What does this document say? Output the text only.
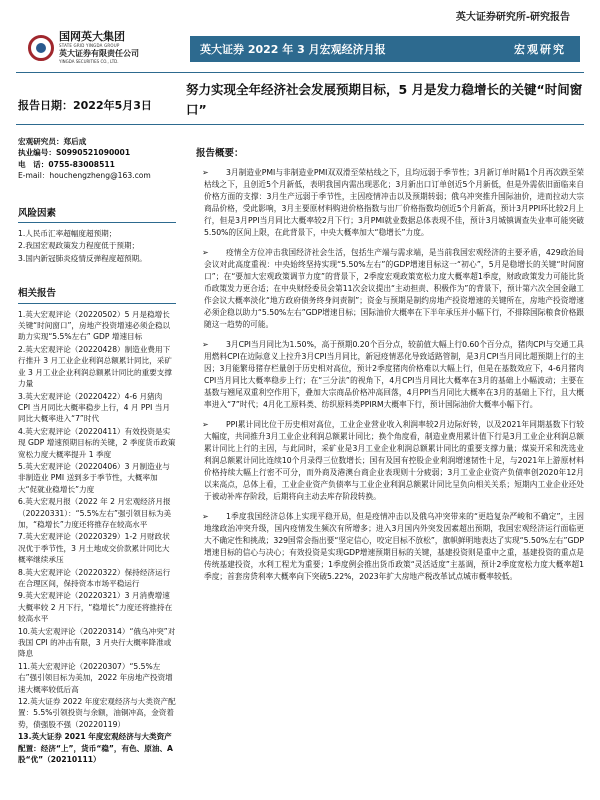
英大证券研究所-研究报告
国网英大集团
STATE GRID YINGDA GROUP
英大证券有限责任公司
YINGDA SECURITIES CO., LTD.
英大证券 2022 年 3 月宏观经济月报	宏观研究
努力实现全年经济社会发展预期目标，5 月是发力稳增长的关键“时间窗口”
报告日期：2022年5月3日
宏观研究员：郑后成
执业编号：S0990521090001
电　话：0755-83008511
E-mail：houchengzheng@163.com
风险因素
1.人民币汇率超幅度超预期；
2.我国宏观政策发力程度低于预期；
3.国内新冠肺炎疫情反弹程度超预期。
相关报告
1.英大宏观评论（20220502）5 月是稳增长关键“时间窗口”，房地产投资增速必须企稳以助力实现“5.5%左右” GDP 增速目标
2.英大宏观评论（20220428）制造业费用下行推升 3 月工业企业利润总额累计同比，采矿业 3 月工业企业利润总额累计同比的重要支撑力量
3.英大宏观评论（20220422）4-6 月猪肉 CPI 当月同比大概率稳步上行，4 月 PPI 当月同比大概率进入“7”时代
4.英大宏观评论（20220411）有效投资是实现 GDP 增速预期目标的关键，2 季度货币政策宽松力度大概率提升 1 季度
5.英大宏观评论（20220406）3 月制造业与非制造业 PMI 送到多于季节性，大概率加大“促就业稳增长”力度
6.英大宏观月报（2022 年 2 月宏观经济月报（20220331）：“5.5%左右”强引领目标为美加，“稳增长”力度还将推存在较高水平
7.英大宏观评论（20220329）1-2 月财政状况优于季节性，3 月土地成交价款累计同比大概率继续承压
8.英大宏观评论（20220322）保持经济运行在合理区间，保持资本市场平稳运行
9.英大宏观评论（20220321）3 月消费增速大概率较 2 月下行，“稳增长”力度还将推持在较高水平
10.英大宏观评论（20220314）“俄乌冲突”对我国 CPI 的冲击有限，3 月央行大概率降准或降息
11.英大宏观评论（20220307）“5.5%左右”强引领目标为美加，2022 年房地产投资增速大概率较低后高
12.英大证券 2022 年度宏观经济与大类资产配置：5.5%引领投资与余额，油铜冲高，金资着势，债强股不强（20220119）
13.英大证券 2021 年度宏观经济与大类资产配置：经济“上”，货币“稳”，有色、原油、A 股“优”（20210111）
报告概要：
➢	3月制造业PMI与非制造业PMI双双滑至荣枯线之下，且均远弱于季节性；3月新订单时隔1个月再次跌至荣枯线之下，且创近5个月新低，表明我国内需出现恶化；3月新出口订单创近5个月新低，但是外需依旧面临来自价格方面的支撑：3月生产远弱于季节性，主因疫情冲击以及预期转弱；俄乌冲突推升国际油价，进而拉动大宗商品价格，受此影响，3月主要原材料购进价格指数与出厂价格指数均创近5个月新高，预计3月PPI环比较2月上行，但是3月PPI当月同比大概率较2月下行；3月PMI就业数据总体表现不佳，预计3月城镇调查失业率可能突破5.50%的区间上限，在此背景下，中央大概率加大“稳增长”力度。
➢	疫情全方位冲击我国经济社会生活，包括生产端与需求端，是当前我国宏观经济的主要矛盾，429政治局会议对此高度重视：中央始终坚持实现“5.50%左右”的GDP增速目标这一“初心”，5月是稳增长的关键“时间窗口”；在“要加大宏观政策调节力度”的背景下，2季度宏观政策宽松力度大概率超1季度，财政政策发力可能比货币政策发力更合适；在中央财经委员会第11次会议提出“主动担责、积极作为”的背景下，预计第六次全国金融工作会议大概率淡化“地方政府债务终身问责制”；资金与预期是制约房地产投资增速的关键所在，房地产投资增速必须企稳以助力“5.50%左右”GDP增速目标；国际油价大概率在下半年承压并小幅下行，不排除国际粮食价格跟随这一趋势的可能。
➢	3月CPI当月同比为1.50%，高于预期0.20个百分点，较前值大幅上行0.60个百分点，猪肉CPI与交通工具用燃料CPI在边际意义上拉升3月CPI当月同比，新冠疫情恶化导致适路管制，是3月CPI当月同比超预期上行的主因；3月能繁母猪存栏量创于历史相对高位，预计2季度猪肉价格难以大幅上行，但是在基数效应下，4-6月猪肉CPI当月同比大概率稳步上行；在“三分法”的视角下，4月CPI当月同比大概率在3月的基础上小幅波动；主要在基数与翘尾双重利空作用下，叠加大宗商品价格冲高回落，4月PPI当月同比大概率在3月的基础上下行，且大概率进入“7”时代；4月化工原料类、纺织原料类PPIRM大概率下行，预计国际油价大概率小幅下行。
➢	PPI累计同比位于历史相对高位，工业企业营业收入利润率较2月边际好转，以及2021年同期基数下行较大幅度，共同推升3月工业企业利润总额累计同比；换个角度看，制造业费用累计值下行是3月工业企业利润总额累计同比上行的主因，与此同时，采矿业是3月工业企业利润总额累计同比的重要支撑力量；煤炭开采和洗选业利润总额累计同比连续10个月录得三位数增长；国有及国有控股企业利润增速韧性十足，与2021年上游原材料价格持续大幅上行密不可分，而外商及港澳台商企业表现则十分疲弱；3月工业企业资产负债率创2020年12月以来高点，总体上看，工业企业资产负债率与工业企业利润总额累计同比呈负向相关关系；短期内工业企业还处于被动补库存阶段，后期将向主动去库存阶段转换。
➢	1季度我国经济总体上实现平稳开局，但是疫情冲击以及俄乌冲突带来的“更趋复杂严峻和不确定”，主因地缘政治冲突升级，国内疫情发生频次有所增多；进入3月国内外突发因素超出预期，我国宏观经济运行面临更大不确定性和挑战；329国常会指出要“坚定信心，咬定目标不放松”，旗帜鲜明地表达了实现“5.50%左右”GDP增速目标的信心与决心；有效投资是实现GDP增速预期目标的关键，基建投资则是重中之重，基建投资的重点是传统基建投资，水利工程尤为重要；1季度例会推出货币政策“灵活适度”主基调，预计2季度宽松力度大概率超1季度；首套房贷利率大概率向下突破5.22%，2023年扩大房地产税改革试点城市概率较低。
